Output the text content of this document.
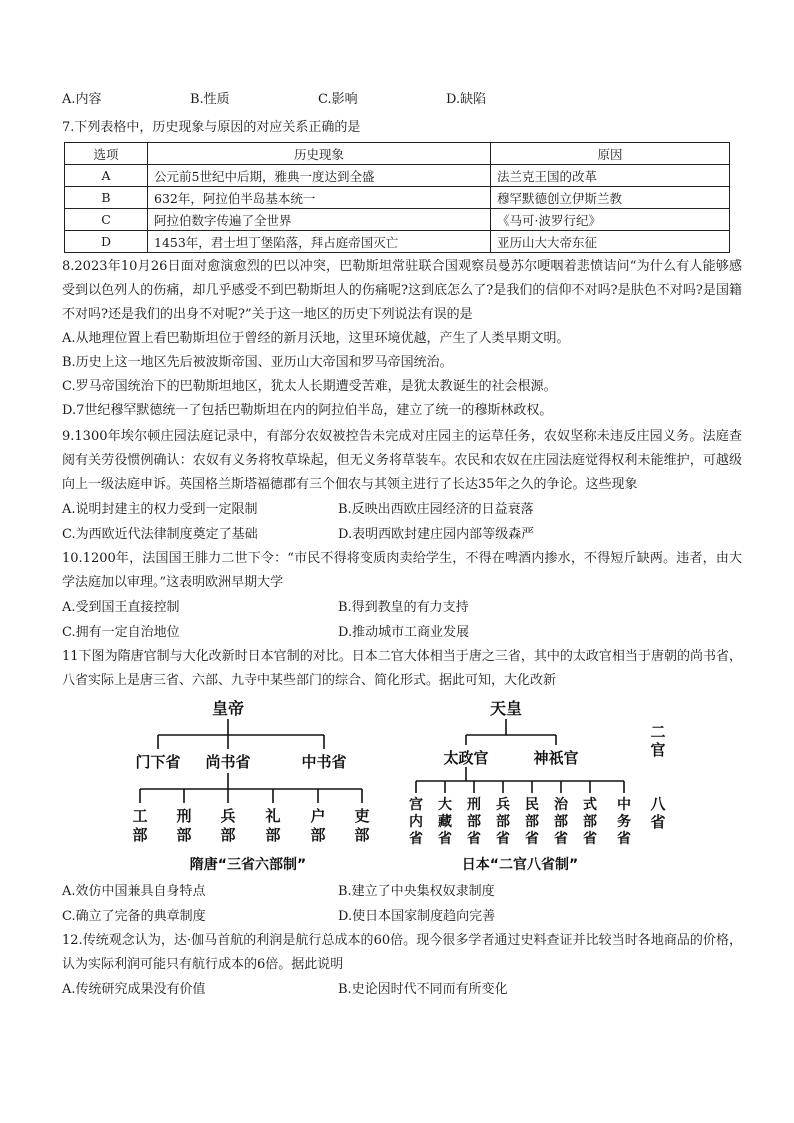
A.内容	B.性质	C.影响	D.缺陷
7.下列表格中，历史现象与原因的对应关系正确的是
选项	历史现象	原因
A	公元前5世纪中后期，雅典一度达到全盛	法兰克王国的改革
B	632年，阿拉伯半岛基本统一	穆罕默德创立伊斯兰教
C	阿拉伯数字传遍了全世界	《马可·波罗行纪》
D	1453年，君士坦丁堡陷落，拜占庭帝国灭亡	亚历山大大帝东征
8.2023年10月26日面对愈演愈烈的巴以冲突，巴勒斯坦常驻联合国观察员曼苏尔哽咽着悲愤诘问“为什么有人能够感受到以色列人的伤痛，却几乎感受不到巴勒斯坦人的伤痛呢?这到底怎么了?是我们的信仰不对吗?是肤色不对吗?是国籍不对吗?还是我们的出身不对呢?”关于这一地区的历史下列说法有误的是
A.从地理位置上看巴勒斯坦位于曾经的新月沃地，这里环境优越，产生了人类早期文明。
B.历史上这一地区先后被波斯帝国、亚历山大帝国和罗马帝国统治。
C.罗马帝国统治下的巴勒斯坦地区，犹太人长期遭受苦难，是犹太教诞生的社会根源。
D.7世纪穆罕默德统一了包括巴勒斯坦在内的阿拉伯半岛，建立了统一的穆斯林政权。
9.1300年埃尔顿庄园法庭记录中，有部分农奴被控告未完成对庄园主的运草任务，农奴坚称未违反庄园义务。法庭查阅有关劳役惯例确认：农奴有义务将牧草垛起，但无义务将草装车。农民和农奴在庄园法庭觉得权利未能维护，可越级向上一级法庭申诉。英国格兰斯塔福德郡有三个佃农与其领主进行了长达35年之久的争论。这些现象
A.说明封建主的权力受到一定限制	B.反映出西欧庄园经济的日益衰落
C.为西欧近代法律制度奠定了基础	D.表明西欧封建庄园内部等级森严
10.1200年，法国国王腓力二世下令：“市民不得将变质肉卖给学生，不得在啤酒内掺水，不得短斤缺两。违者，由大学法庭加以审理。”这表明欧洲早期大学
A.受到国王直接控制	B.得到教皇的有力支持
C.拥有一定自治地位	D.推动城市工商业发展
11下图为隋唐官制与大化改新时日本官制的对比。日本二官大体相当于唐之三省，其中的太政官相当于唐朝的尚书省，八省实际上是唐三省、六部、九寺中某些部门的综合、简化形式。据此可知，大化改新
皇帝
门下省 尚书省	中书省
工部
刑部
兵部
礼部
户部
吏部
隋唐“三省六部制”
天皇
太政官	神祇官
二官
宫内省
大藏省
刑部省
兵部省
民部省
治部省
式部省
中务省
八省
日本“二官八省制”
A.效仿中国兼具自身特点	B.建立了中央集权奴隶制度
C.确立了完备的典章制度	D.使日本国家制度趋向完善
12.传统观念认为，达·伽马首航的利润是航行总成本的60倍。现今很多学者通过史料查证并比较当时各地商品的价格，认为实际利润可能只有航行成本的6倍。据此说明
A.传统研究成果没有价值	B.史论因时代不同而有所变化
